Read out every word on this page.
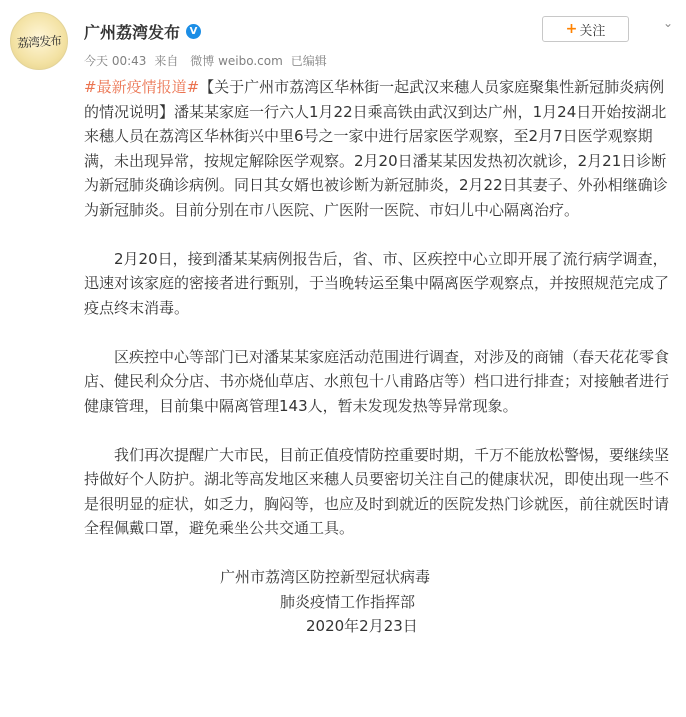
荔湾发布 广州荔湾发布 V	+ 关注
⌄
今天 00:43 来自 微博 weibo.com 已编辑

#最新疫情报道#【关于广州市荔湾区华林街一起武汉来穗人员家庭聚集性新冠肺炎病例的情况说明】潘某某家庭一行六人1月22日乘高铁由武汉到达广州，1月24日开始按湖北来穗人员在荔湾区华林街兴中里6号之一家中进行居家医学观察，至2月7日医学观察期满，未出现异常，按规定解除医学观察。2月20日潘某某因发热初次就诊，2月21日诊断为新冠肺炎确诊病例。同日其女婿也被诊断为新冠肺炎，2月22日其妻子、外孙相继确诊为新冠肺炎。目前分别在市八医院、广医附一医院、市妇儿中心隔离治疗。

2月20日，接到潘某某病例报告后，省、市、区疾控中心立即开展了流行病学调查，迅速对该家庭的密接者进行甄别，于当晚转运至集中隔离医学观察点，并按照规范完成了疫点终末消毒。

区疾控中心等部门已对潘某某家庭活动范围进行调查，对涉及的商铺（春天花花零食店、健民利众分店、书亦烧仙草店、水煎包十八甫路店等）档口进行排查；对接触者进行健康管理，目前集中隔离管理143人，暂未发现发热等异常现象。

我们再次提醒广大市民，目前正值疫情防控重要时期，千万不能放松警惕，要继续坚持做好个人防护。湖北等高发地区来穗人员要密切关注自己的健康状况，即使出现一些不是很明显的症状，如乏力，胸闷等，也应及时到就近的医院发热门诊就医，前往就医时请全程佩戴口罩，避免乘坐公共交通工具。

广州市荔湾区防控新型冠状病毒

肺炎疫情工作指挥部

2020年2月23日
